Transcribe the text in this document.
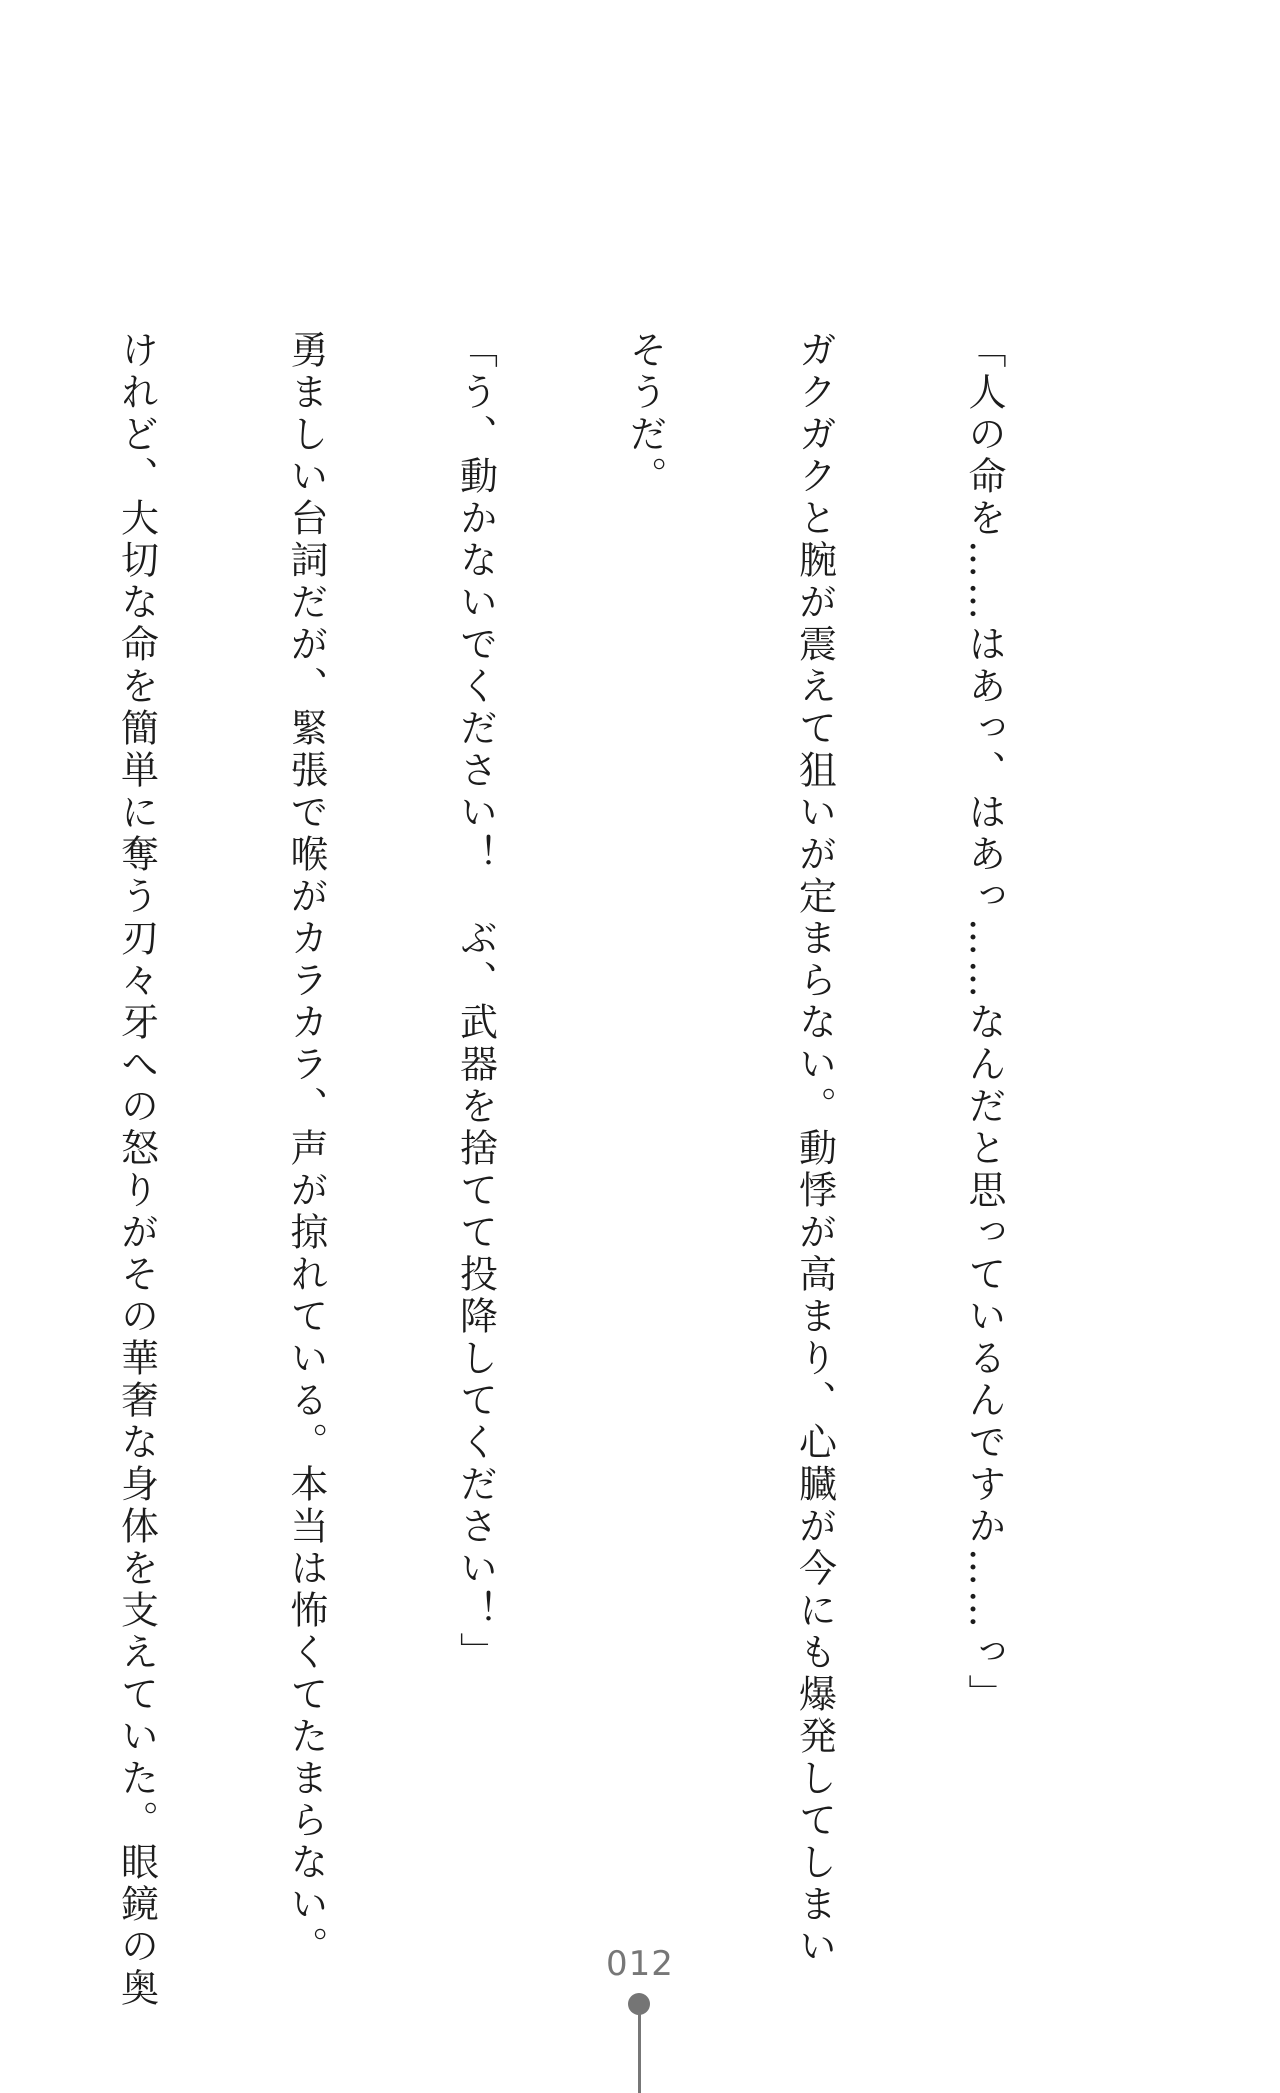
「人の命を……はあっ、はあっ……なんだと思っているんですか……っ」

ガクガクと腕が震えて狙いが定まらない。動悸が高まり、心臓が今にも爆発してしまい

そうだ。

「う、動かないでください！　ぶ、武器を捨てて投降してください！」

勇ましい台詞だが、緊張で喉がカラカラ、声が掠れている。本当は怖くてたまらない。

けれど、大切な命を簡単に奪う刃々牙への怒りがその華奢な身体を支えていた。眼鏡の奥

	012
